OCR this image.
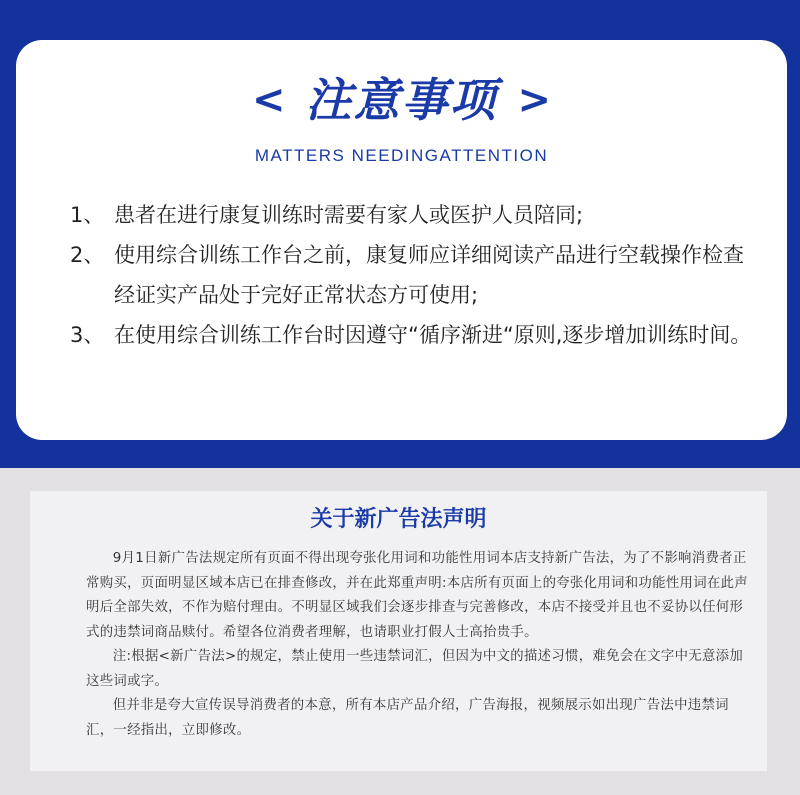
< 注意事项 >
MATTERS NEEDINGATTENTION
1、 患者在进行康复训练时需要有家人或医护人员陪同;
2、 使用综合训练工作台之前，康复师应详细阅读产品进行空载操作检查经证实产品处于完好正常状态方可使用;
3、 在使用综合训练工作台时因遵守“循序渐进“原则,逐步增加训练时间。
关于新广告法声明

9月1日新广告法规定所有页面不得出现夸张化用词和功能性用词本店支持新广告法，为了不影响消费者正常购买，页面明显区域本店已在排查修改，并在此郑重声明:本店所有页面上的夸张化用词和功能性用词在此声明后全部失效，不作为赔付理由。不明显区域我们会逐步排查与完善修改，本店不接受并且也不妥协以任何形式的违禁词商品赎付。希望各位消费者理解，也请职业打假人士高抬贵手。

注:根据<新广告法>的规定，禁止使用一些违禁词汇，但因为中文的描述习惯，难免会在文字中无意添加这些词或字。

但并非是夸大宣传误导消费者的本意，所有本店产品介绍，广告海报，视频展示如出现广告法中违禁词汇，一经指出，立即修改。
